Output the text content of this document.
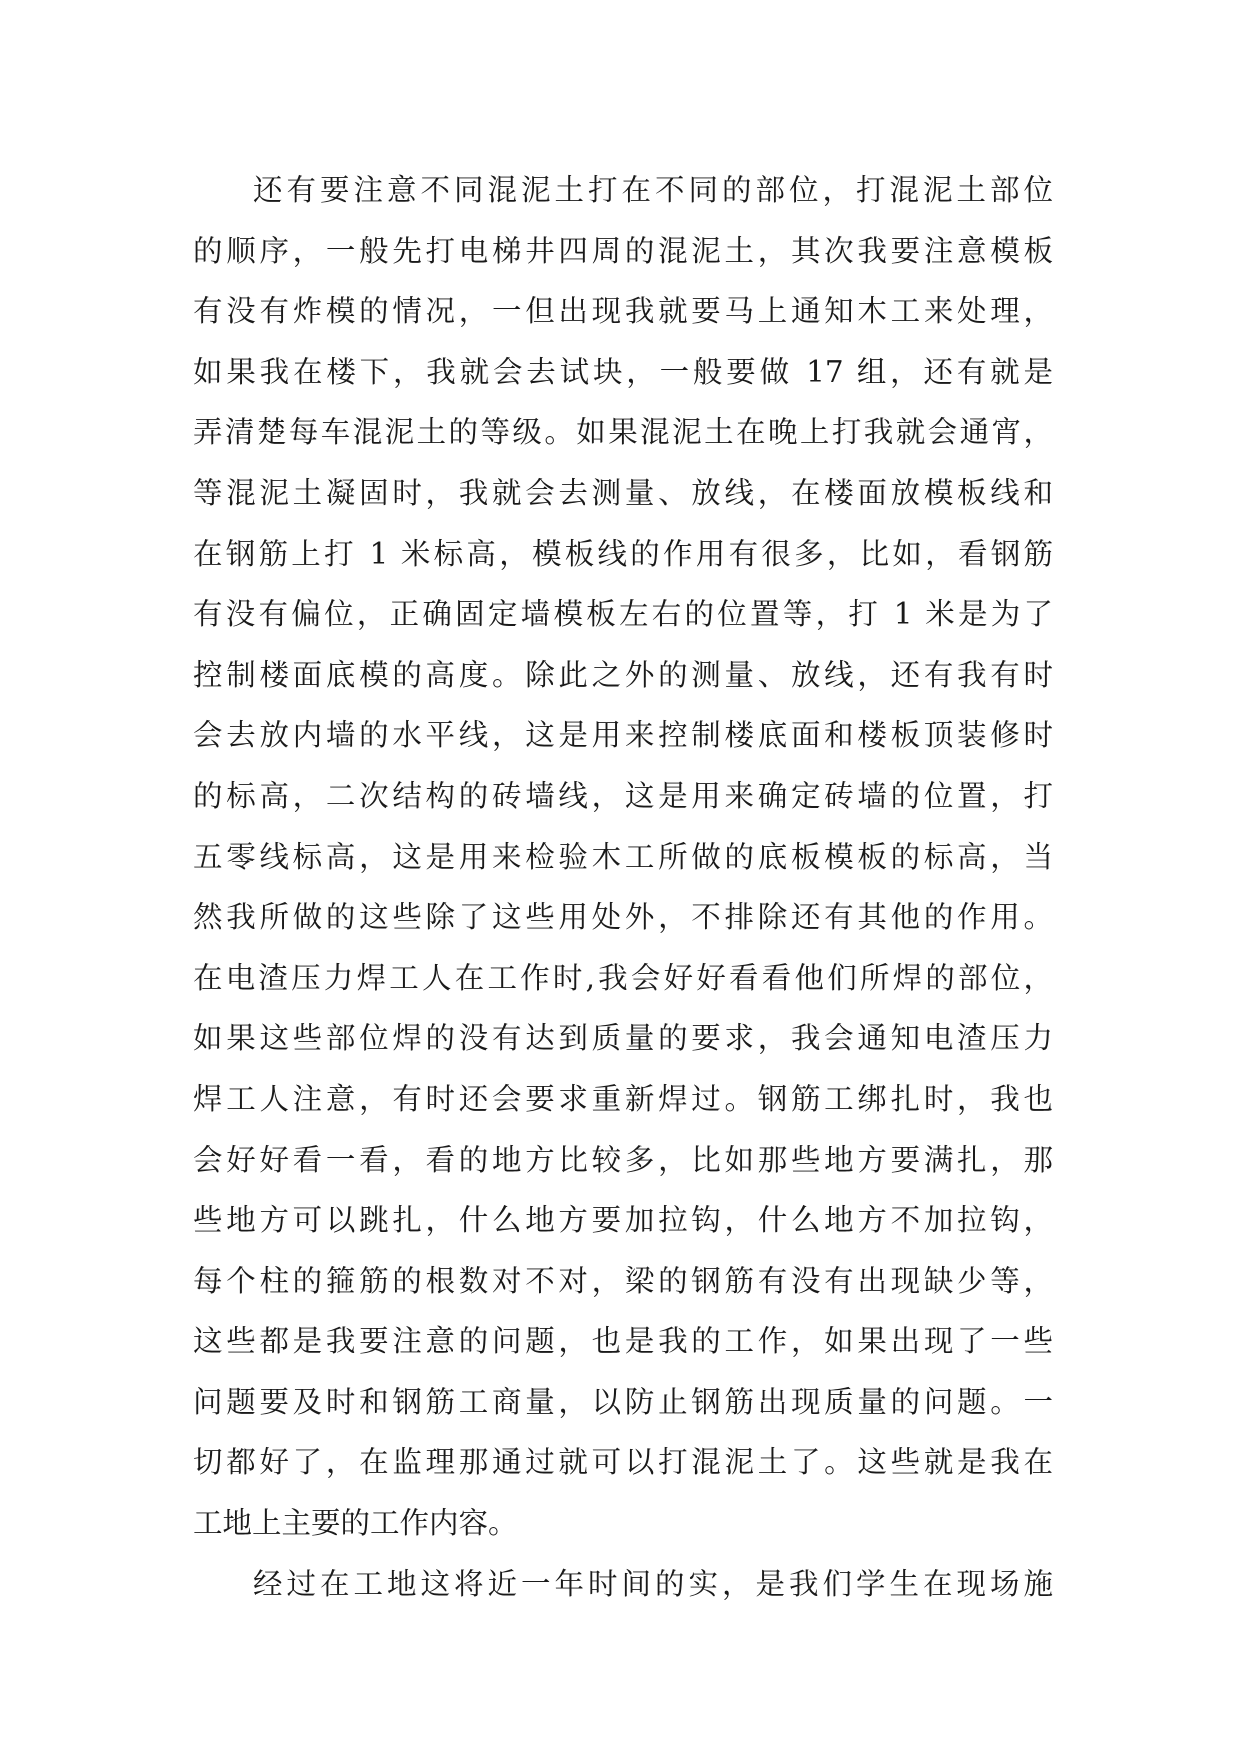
还有要注意不同混泥土打在不同的部位，打混泥土部位
的顺序，一般先打电梯井四周的混泥土，其次我要注意模板
有没有炸模的情况，一但出现我就要马上通知木工来处理，
如果我在楼下，我就会去试块，一般要做 17 组，还有就是
弄清楚每车混泥土的等级。如果混泥土在晚上打我就会通宵，
等混泥土凝固时，我就会去测量、放线，在楼面放模板线和
在钢筋上打 1 米标高，模板线的作用有很多，比如，看钢筋
有没有偏位，正确固定墙模板左右的位置等，打 1 米是为了
控制楼面底模的高度。除此之外的测量、放线，还有我有时
会去放内墙的水平线，这是用来控制楼底面和楼板顶装修时
的标高，二次结构的砖墙线，这是用来确定砖墙的位置，打
五零线标高，这是用来检验木工所做的底板模板的标高，当
然我所做的这些除了这些用处外，不排除还有其他的作用。
在电渣压力焊工人在工作时,我会好好看看他们所焊的部位，
如果这些部位焊的没有达到质量的要求，我会通知电渣压力
焊工人注意，有时还会要求重新焊过。钢筋工绑扎时，我也
会好好看一看，看的地方比较多，比如那些地方要满扎，那
些地方可以跳扎，什么地方要加拉钩，什么地方不加拉钩，
每个柱的箍筋的根数对不对，梁的钢筋有没有出现缺少等，
这些都是我要注意的问题，也是我的工作，如果出现了一些
问题要及时和钢筋工商量，以防止钢筋出现质量的问题。一
切都好了，在监理那通过就可以打混泥土了。这些就是我在
工地上主要的工作内容。
经过在工地这将近一年时间的实，是我们学生在现场施
